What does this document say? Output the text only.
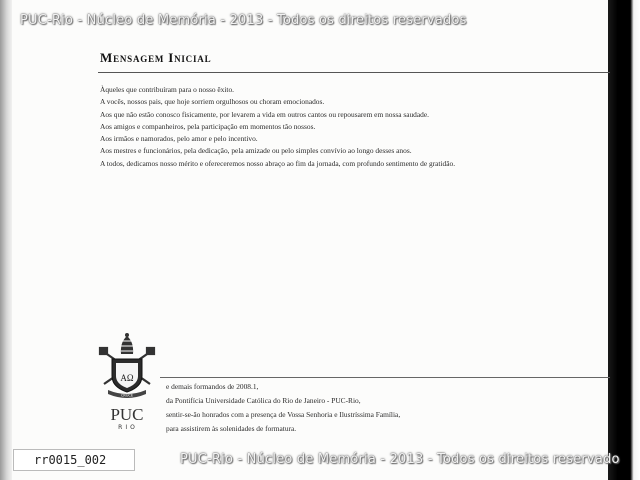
PUC-Rio - Núcleo de Memória - 2013 - Todos os direitos reservados
Mensagem Inicial
Àqueles que contribuíram para o nosso êxito.
A vocês, nossos pais, que hoje sorriem orgulhosos ou choram emocionados.
Aos que não estão conosco fisicamente, por levarem a vida em outros cantos ou repousarem em nossa saudade.
Aos amigos e companheiros, pela participação em momentos tão nossos.
Aos irmãos e namorados, pelo amor e pelo incentivo.
Aos mestres e funcionários, pela dedicação, pela amizade ou pelo simples convívio ao longo desses anos.
A todos, dedicamos nosso mérito e ofereceremos nosso abraço ao fim da jornada, com profundo sentimento de gratidão.
AΩ
CRUCE
PUC
RIO
e demais formandos de 2008.1,
da Pontifícia Universidade Católica do Rio de Janeiro - PUC-Rio,
sentir-se-ão honrados com a presença de Vossa Senhoria e Ilustríssima Família,
para assistirem às solenidades de formatura.
rr0015_002	PUC-Rio - Núcleo de Memória - 2013 - Todos os direitos reservado
